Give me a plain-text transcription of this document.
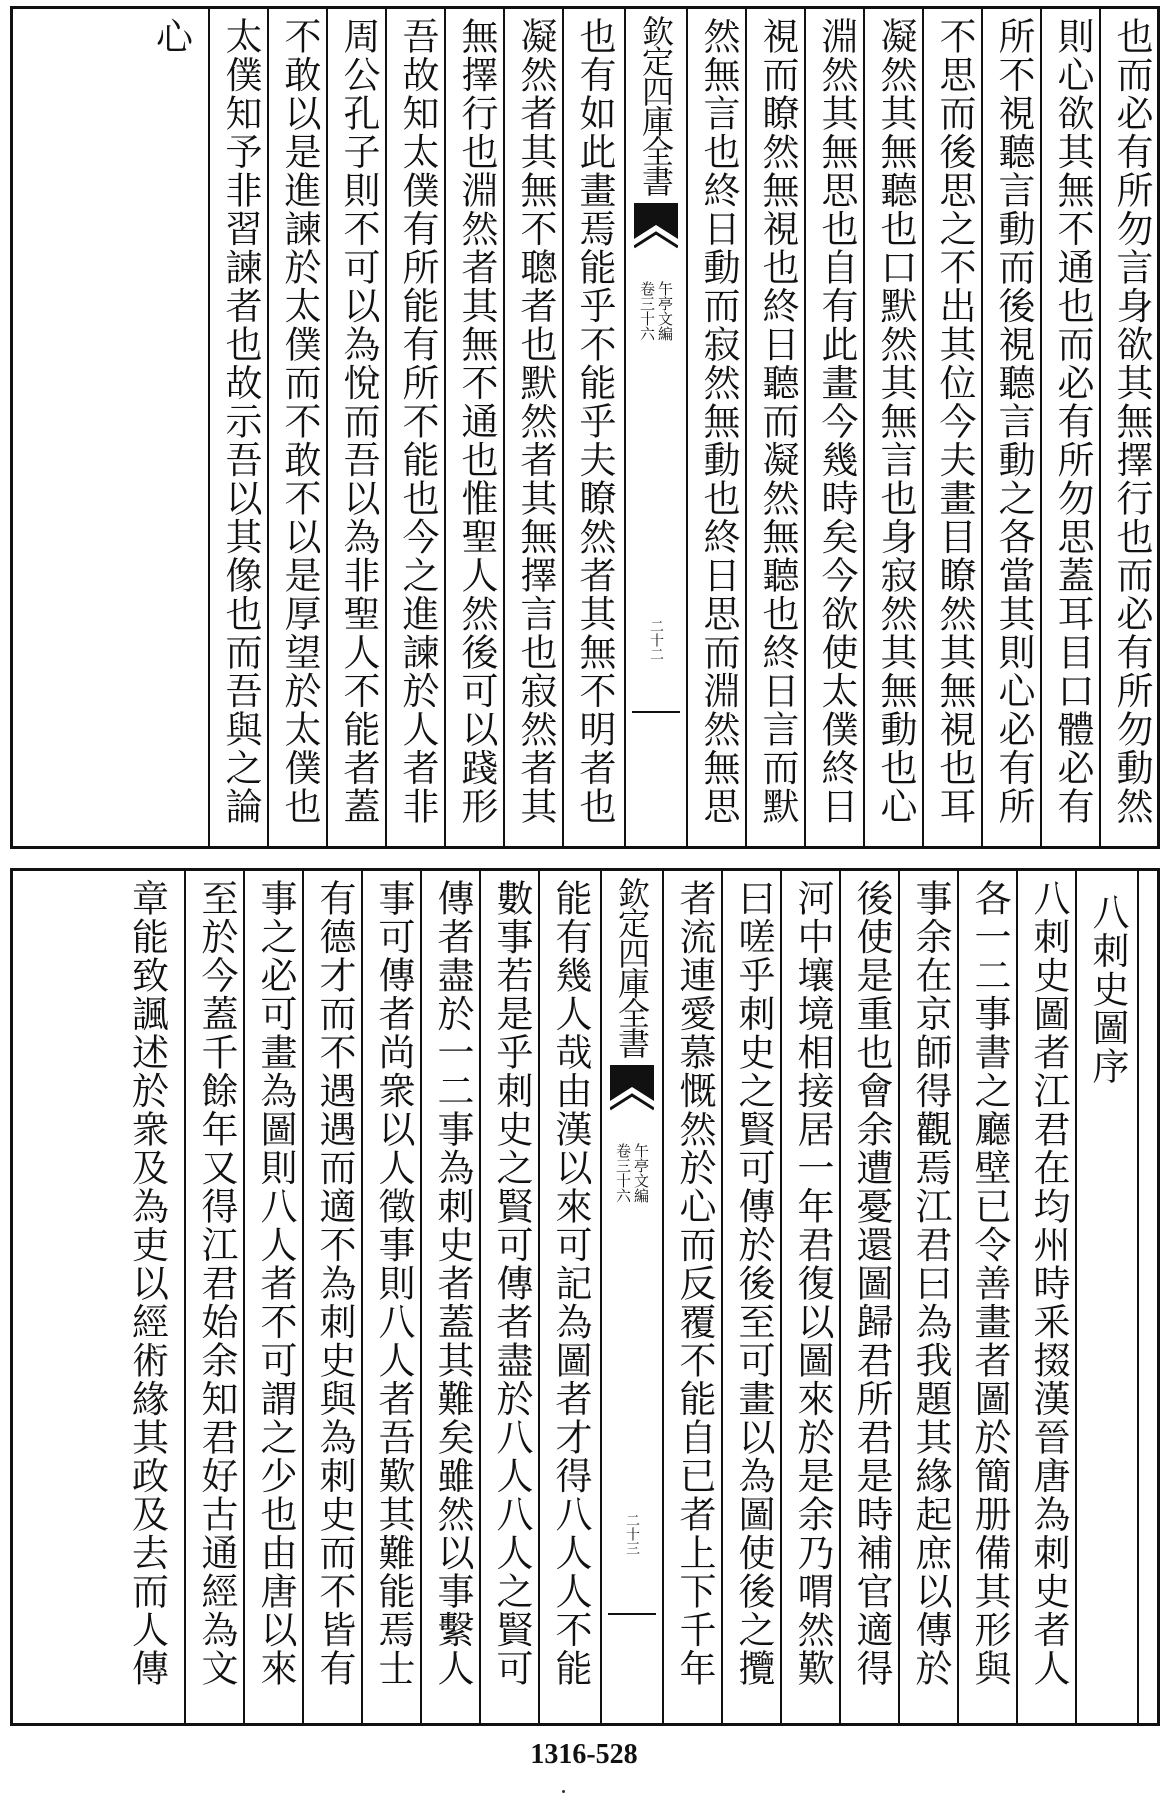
也而必有所勿言身欲其無擇行也而必有所勿動然
則心欲其無不通也而必有所勿思蓋耳目口體必有
所不視聽言動而後視聽言動之各當其則心必有所
不思而後思之不出其位今夫畫目瞭然其無視也耳
凝然其無聽也口默然其無言也身寂然其無動也心
淵然其無思也自有此畫今幾時矣今欲使太僕終日
視而瞭然無視也終日聽而凝然無聽也終日言而默
然無言也終日動而寂然無動也終日思而淵然無思
欽定四庫全書
午亭文編 卷三十六
二十二
也有如此畫焉能乎不能乎夫瞭然者其無不明者也
凝然者其無不聰者也默然者其無擇言也寂然者其
無擇行也淵然者其無不通也惟聖人然後可以踐形
吾故知太僕有所能有所不能也今之進諫於人者非
周公孔子則不可以為悅而吾以為非聖人不能者蓋
不敢以是進諫於太僕而不敢不以是厚望於太僕也
太僕知予非習諫者也故示吾以其像也而吾與之論
心
八刺史圖序
八刺史圖者江君在均州時釆掇漢晉唐為刺史者人
各一二事書之廳壁已令善畫者圖於簡册備其形與
事余在京師得觀焉江君曰為我題其緣起庶以傳於
後使是重也會余遭憂還圖歸君所君是時補官適得
河中壤境相接居一年君復以圖來於是余乃喟然歎
曰嗟乎刺史之賢可傳於後至可畫以為圖使後之攬
者流連愛慕慨然於心而反覆不能自已者上下千年
欽定四庫全書
午亭文編 卷三十六
二十三
能有幾人哉由漢以來可記為圖者才得八人人不能
數事若是乎刺史之賢可傳者盡於八人八人之賢可
傳者盡於一二事為刺史者蓋其難矣雖然以事繫人
事可傳者尚衆以人徵事則八人者吾歎其難能焉士
有德才而不遇遇而適不為刺史與為刺史而不皆有
事之必可畫為圖則八人者不可謂之少也由唐以來
至於今蓋千餘年又得江君始余知君好古通經為文
章能致諷述於衆及為吏以經術緣其政及去而人傳
1316-528
